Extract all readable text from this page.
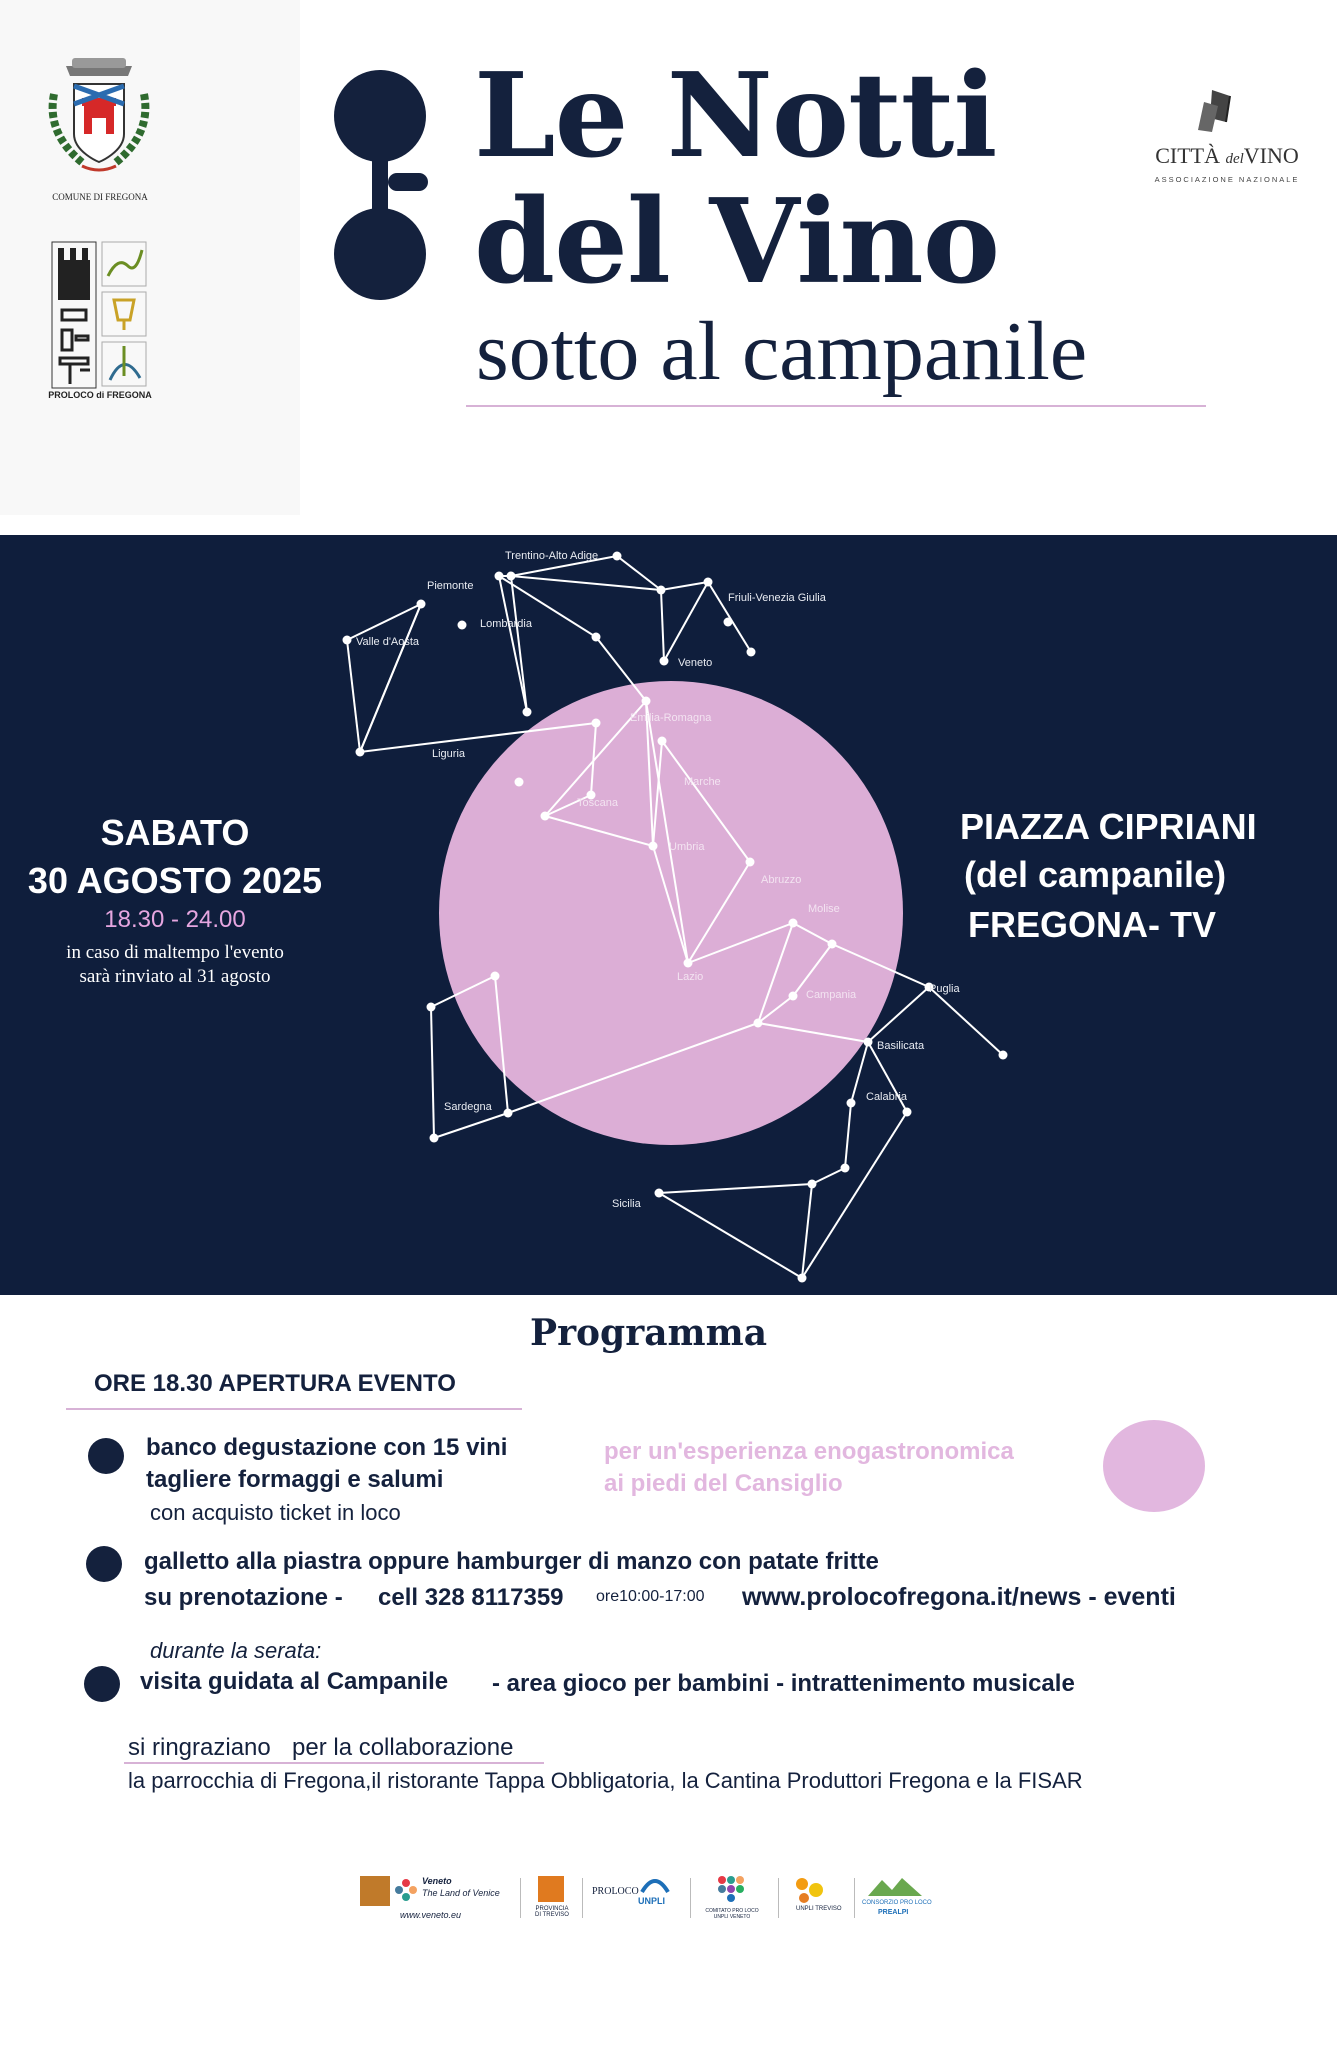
COMUNE DI FREGONA
PROLOCO di FREGONA
Le Notti
del Vino
sotto al campanile
CITTÀ delVINO
ASSOCIAZIONE NAZIONALE
Trentino-Alto Adige
Piemonte
Lombardia
Friuli-Venezia Giulia
Valle d'Aosta
Veneto
Emilia-Romagna
Liguria
Marche
Toscana
Umbria
Abruzzo
Molise
Lazio
Campania	Puglia
Basilicata
Sardegna
Calabria
Sicilia
SABATO
30 AGOSTO 2025
18.30 - 24.00
in caso di maltempo l'evento
sarà rinviato al 31 agosto
PIAZZA CIPRIANI
(del campanile)
FREGONA- TV
Programma
ORE 18.30 APERTURA EVENTO
banco degustazione con 15 vini
tagliere formaggi e salumi
con acquisto ticket in loco
per un'esperienza enogastronomica
ai piedi del Cansiglio
galletto alla piastra oppure hamburger di manzo con patate fritte
su prenotazione - cell 328 8117359 ore10:00-17:00 www.prolocofregona.it/news - eventi
durante la serata:
visita guidata al Campanile - area gioco per bambini - intrattenimento musicale
si ringraziano per la collaborazione
la parrocchia di Fregona,il ristorante Tappa Obbligatoria, la Cantina Produttori Fregona e la FISAR
Veneto
The Land of Venice
www.veneto.eu
PROVINCIA DI TREVISO
PROLOCO
UNPLI
COMITATO PRO LOCO UNPLI VENETO
UNPLI TREVISO
CONSORZIO PRO LOCO
PREALPI
